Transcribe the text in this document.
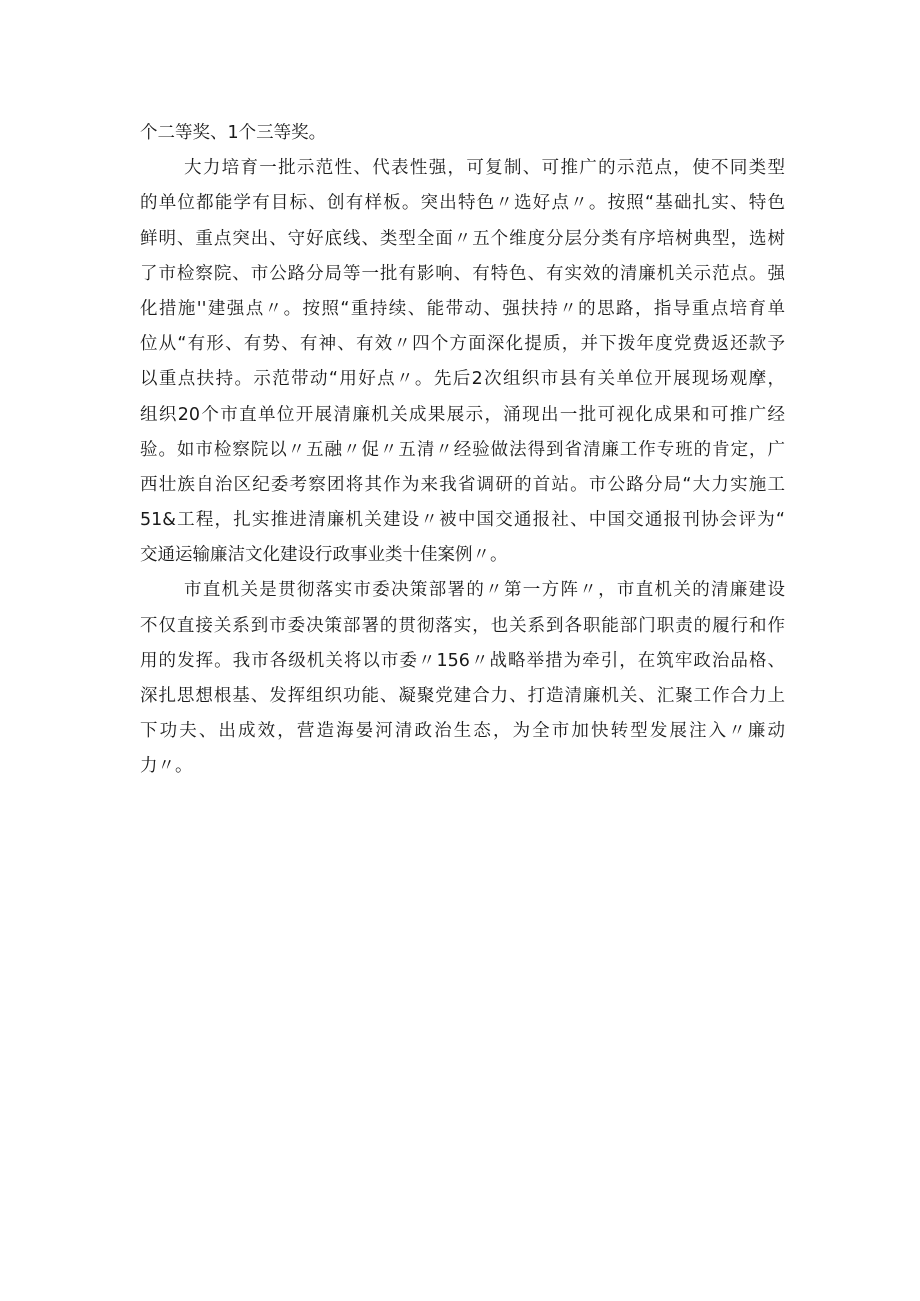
个二等奖、1个三等奖。
大力培育一批示范性、代表性强，可复制、可推广的示范点，使不同类型
的单位都能学有目标、创有样板。突出特色〃选好点〃。按照“基础扎实、特色
鲜明、重点突出、守好底线、类型全面〃五个维度分层分类有序培树典型，选树
了市检察院、市公路分局等一批有影响、有特色、有实效的清廉机关示范点。强
化措施''建强点〃。按照“重持续、能带动、强扶持〃的思路，指导重点培育单
位从“有形、有势、有神、有效〃四个方面深化提质，并下拨年度党费返还款予
以重点扶持。示范带动“用好点〃。先后2次组织市县有关单位开展现场观摩，
组织20个市直单位开展清廉机关成果展示，涌现出一批可视化成果和可推广经
验。如市检察院以〃五融〃促〃五清〃经验做法得到省清廉工作专班的肯定，广
西壮族自治区纪委考察团将其作为来我省调研的首站。市公路分局“大力实施工
51&工程，扎实推进清廉机关建设〃被中国交通报社、中国交通报刊协会评为“
交通运输廉洁文化建设行政事业类十佳案例〃。
市直机关是贯彻落实市委决策部署的〃第一方阵〃，市直机关的清廉建设
不仅直接关系到市委决策部署的贯彻落实，也关系到各职能部门职责的履行和作
用的发挥。我市各级机关将以市委〃156〃战略举措为牵引，在筑牢政治品格、
深扎思想根基、发挥组织功能、凝聚党建合力、打造清廉机关、汇聚工作合力上
下功夫、出成效，营造海晏河清政治生态，为全市加快转型发展注入〃廉动
力〃。
